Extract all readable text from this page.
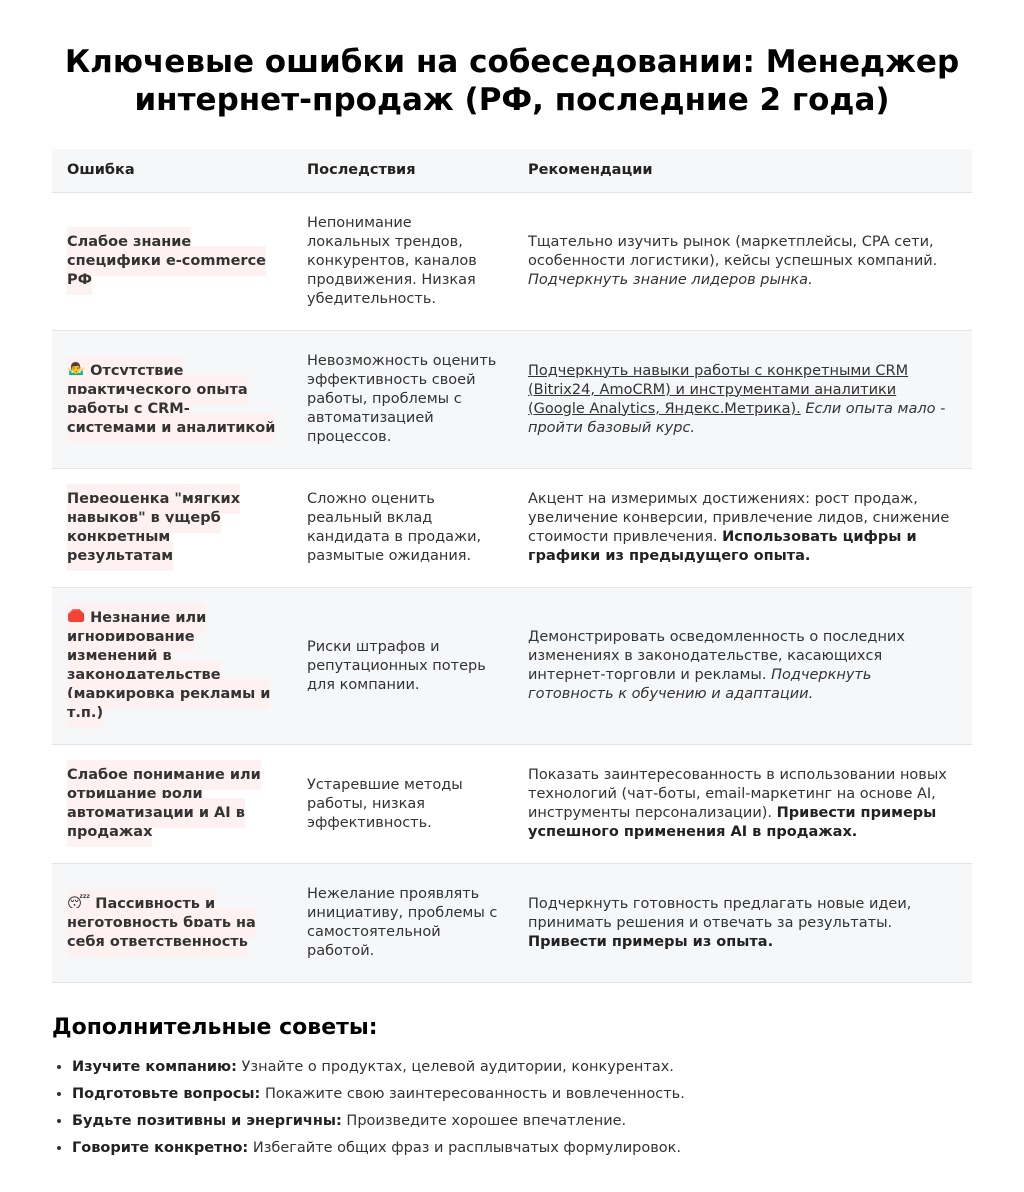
Ключевые ошибки на собеседовании: Менеджер интернет-продаж (РФ, последние 2 года)
Ошибка	Последствия	Рекомендации
Слабое знание специфики e-commerce РФ	Непонимание локальных трендов, конкурентов, каналов продвижения. Низкая убедительность.	Тщательно изучить рынок (маркетплейсы, CPA сети, особенности логистики), кейсы успешных компаний. Подчеркнуть знание лидеров рынка.
🤷‍♂️ Отсутствие практического опыта работы с CRM-системами и аналитикой	Невозможность оценить эффективность своей работы, проблемы с автоматизацией процессов.	Подчеркнуть навыки работы с конкретными CRM (Bitrix24, AmoCRM) и инструментами аналитики (Google Analytics, Яндекс.Метрика). Если опыта мало - пройти базовый курс.
Переоценка "мягких навыков" в ущерб конкретным результатам	Сложно оценить реальный вклад кандидата в продажи, размытые ожидания.	Акцент на измеримых достижениях: рост продаж, увеличение конверсии, привлечение лидов, снижение стоимости привлечения. Использовать цифры и графики из предыдущего опыта.
🛑 Незнание или игнорирование изменений в законодательстве (маркировка рекламы и т.п.)	Риски штрафов и репутационных потерь для компании.	Демонстрировать осведомленность о последних изменениях в законодательстве, касающихся интернет-торговли и рекламы. Подчеркнуть готовность к обучению и адаптации.
Слабое понимание или отрицание роли автоматизации и AI в продажах	Устаревшие методы работы, низкая эффективность.	Показать заинтересованность в использовании новых технологий (чат-боты, email-маркетинг на основе AI, инструменты персонализации). Привести примеры успешного применения AI в продажах.
😴 Пассивность и неготовность брать на себя ответственность	Нежелание проявлять инициативу, проблемы с самостоятельной работой.	Подчеркнуть готовность предлагать новые идеи, принимать решения и отвечать за результаты. Привести примеры из опыта.
Дополнительные советы:
• Изучите компанию: Узнайте о продуктах, целевой аудитории, конкурентах.
• Подготовьте вопросы: Покажите свою заинтересованность и вовлеченность.
• Будьте позитивны и энергичны: Произведите хорошее впечатление.
• Говорите конкретно: Избегайте общих фраз и расплывчатых формулировок.
